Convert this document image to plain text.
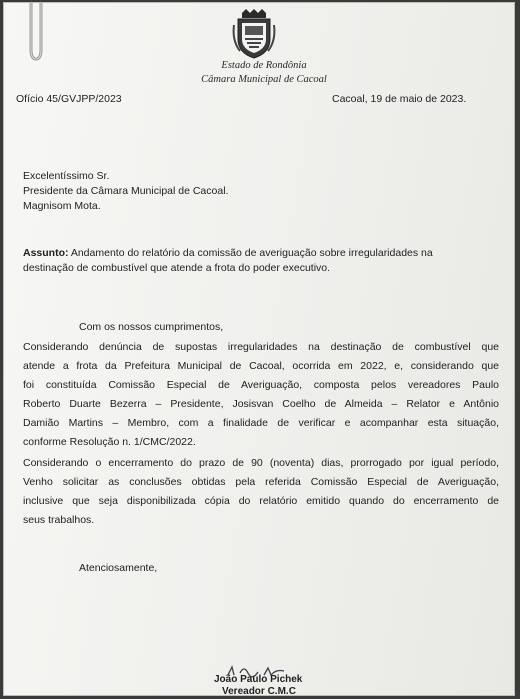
Estado de Rondônia
Câmara Municipal de Cacoal
Ofício 45/GVJPP/2023	Cacoal, 19 de maio de 2023.
Excelentíssimo Sr.
Presidente da Câmara Municipal de Cacoal.
Magnisom Mota.
Assunto: Andamento do relatório da comissão de averiguação sobre irregularidades na
destinação de combustível que atende a frota do poder executivo.
Com os nossos cumprimentos,
Considerando denúncia de supostas irregularidades na destinação de combustível que
atende a frota da Prefeitura Municipal de Cacoal, ocorrida em 2022, e, considerando que
foi constituída Comissão Especial de Averiguação, composta pelos vereadores Paulo
Roberto Duarte Bezerra – Presidente, Josisvan Coelho de Almeida – Relator e Antônio
Damião Martins – Membro, com a finalidade de verificar e acompanhar esta situação,
conforme Resolução n. 1/CMC/2022.
Considerando o encerramento do prazo de 90 (noventa) dias, prorrogado por igual período,
Venho solicitar as conclusões obtidas pela referida Comissão Especial de Averiguação,
inclusive que seja disponibilizada cópia do relatório emitido quando do encerramento de
seus trabalhos.
Atenciosamente,
João Paulo Pichek
Vereador C.M.C
